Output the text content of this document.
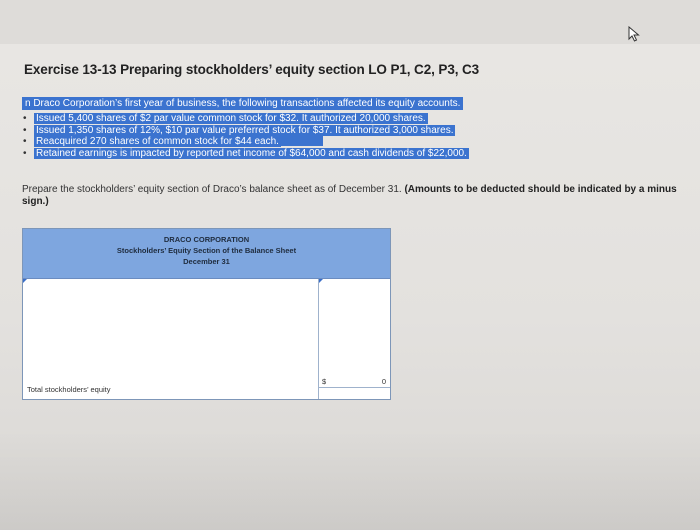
Exercise 13-13 Preparing stockholders’ equity section LO P1, C2, P3, C3
n Draco Corporation’s first year of business, the following transactions affected its equity accounts.
• Issued 5,400 shares of $2 par value common stock for $32. It authorized 20,000 shares.
• Issued 1,350 shares of 12%, $10 par value preferred stock for $37. It authorized 3,000 shares.
• Reacquired 270 shares of common stock for $44 each.
• Retained earnings is impacted by reported net income of $64,000 and cash dividends of $22,000.
Prepare the stockholders’ equity section of Draco’s balance sheet as of December 31. (Amounts to be deducted should be indicated by a minus sign.)
DRACO CORPORATION
Stockholders’ Equity Section of the Balance Sheet
December 31
Total stockholders’ equity
$	0
